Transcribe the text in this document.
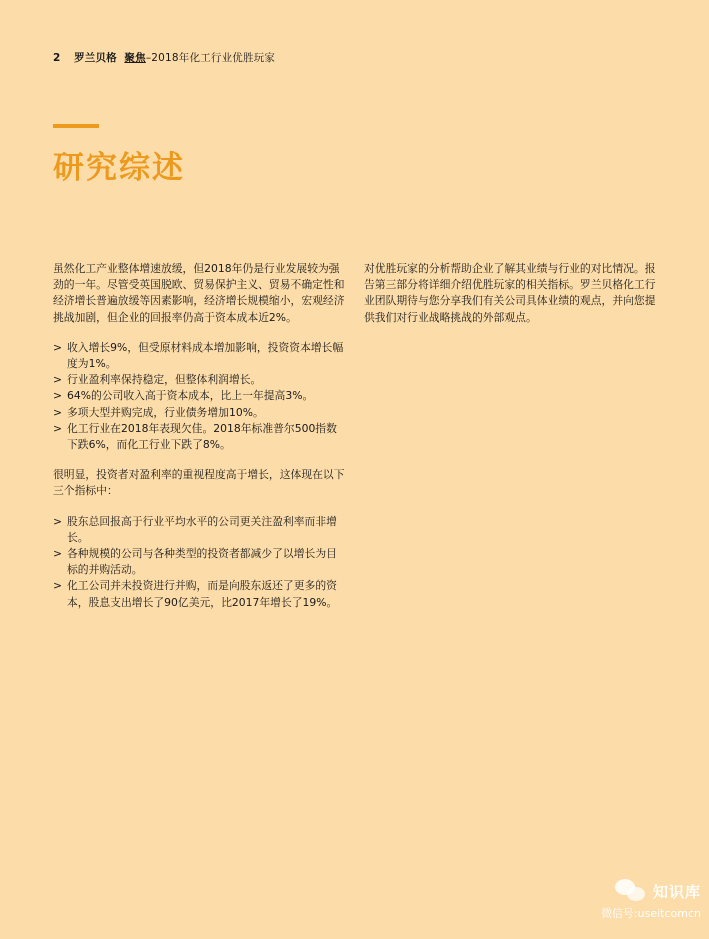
2 罗兰贝格 聚焦–2018年化工行业优胜玩家
研究综述

虽然化工产业整体增速放缓，但2018年仍是行业发展较为强劲的一年。尽管受英国脱欧、贸易保护主义、贸易不确定性和经济增长普遍放缓等因素影响，经济增长规模缩小，宏观经济挑战加剧，但企业的回报率仍高于资本成本近2%。

> 收入增长9%，但受原材料成本增加影响，投资资本增长幅度为1%。
> 行业盈利率保持稳定，但整体利润增长。
> 64%的公司收入高于资本成本，比上一年提高3%。
> 多项大型并购完成，行业债务增加10%。
> 化工行业在2018年表现欠佳。2018年标准普尔500指数下跌6%，而化工行业下跌了8%。

很明显，投资者对盈利率的重视程度高于增长，这体现在以下三个指标中：

> 股东总回报高于行业平均水平的公司更关注盈利率而非增长。
> 各种规模的公司与各种类型的投资者都减少了以增长为目标的并购活动。
> 化工公司并未投资进行并购，而是向股东返还了更多的资本，股息支出增长了90亿美元，比2017年增长了19%。

对优胜玩家的分析帮助企业了解其业绩与行业的对比情况。报告第三部分将详细介绍优胜玩家的相关指标。罗兰贝格化工行业团队期待与您分享我们有关公司具体业绩的观点，并向您提供我们对行业战略挑战的外部观点。

知识库
微信号:useitcomcn
